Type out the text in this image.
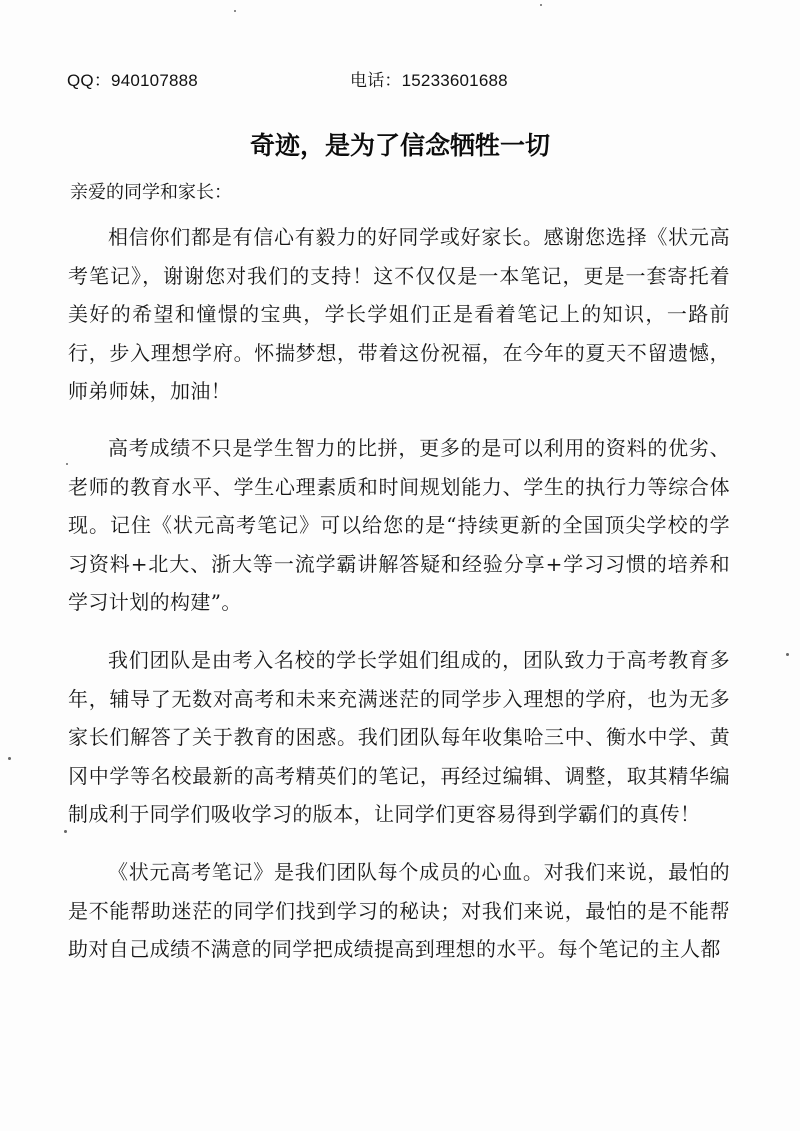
QQ：940107888	电话：15233601688
奇迹，是为了信念牺牲一切
亲爱的同学和家长：

相信你们都是有信心有毅力的好同学或好家长。感谢您选择《状元高考笔记》，谢谢您对我们的支持！这不仅仅是一本笔记，更是一套寄托着美好的希望和憧憬的宝典，学长学姐们正是看着笔记上的知识，一路前行，步入理想学府。怀揣梦想，带着这份祝福，在今年的夏天不留遗憾，师弟师妹，加油！

高考成绩不只是学生智力的比拼，更多的是可以利用的资料的优劣、老师的教育水平、学生心理素质和时间规划能力、学生的执行力等综合体现。记住《状元高考笔记》可以给您的是“持续更新的全国顶尖学校的学习资料+北大、浙大等一流学霸讲解答疑和经验分享+学习习惯的培养和学习计划的构建”。

我们团队是由考入名校的学长学姐们组成的，团队致力于高考教育多年，辅导了无数对高考和未来充满迷茫的同学步入理想的学府，也为无多家长们解答了关于教育的困惑。我们团队每年收集哈三中、衡水中学、黄冈中学等名校最新的高考精英们的笔记，再经过编辑、调整，取其精华编制成利于同学们吸收学习的版本，让同学们更容易得到学霸们的真传！

《状元高考笔记》是我们团队每个成员的心血。对我们来说，最怕的是不能帮助迷茫的同学们找到学习的秘诀；对我们来说，最怕的是不能帮助对自己成绩不满意的同学把成绩提高到理想的水平。每个笔记的主人都
